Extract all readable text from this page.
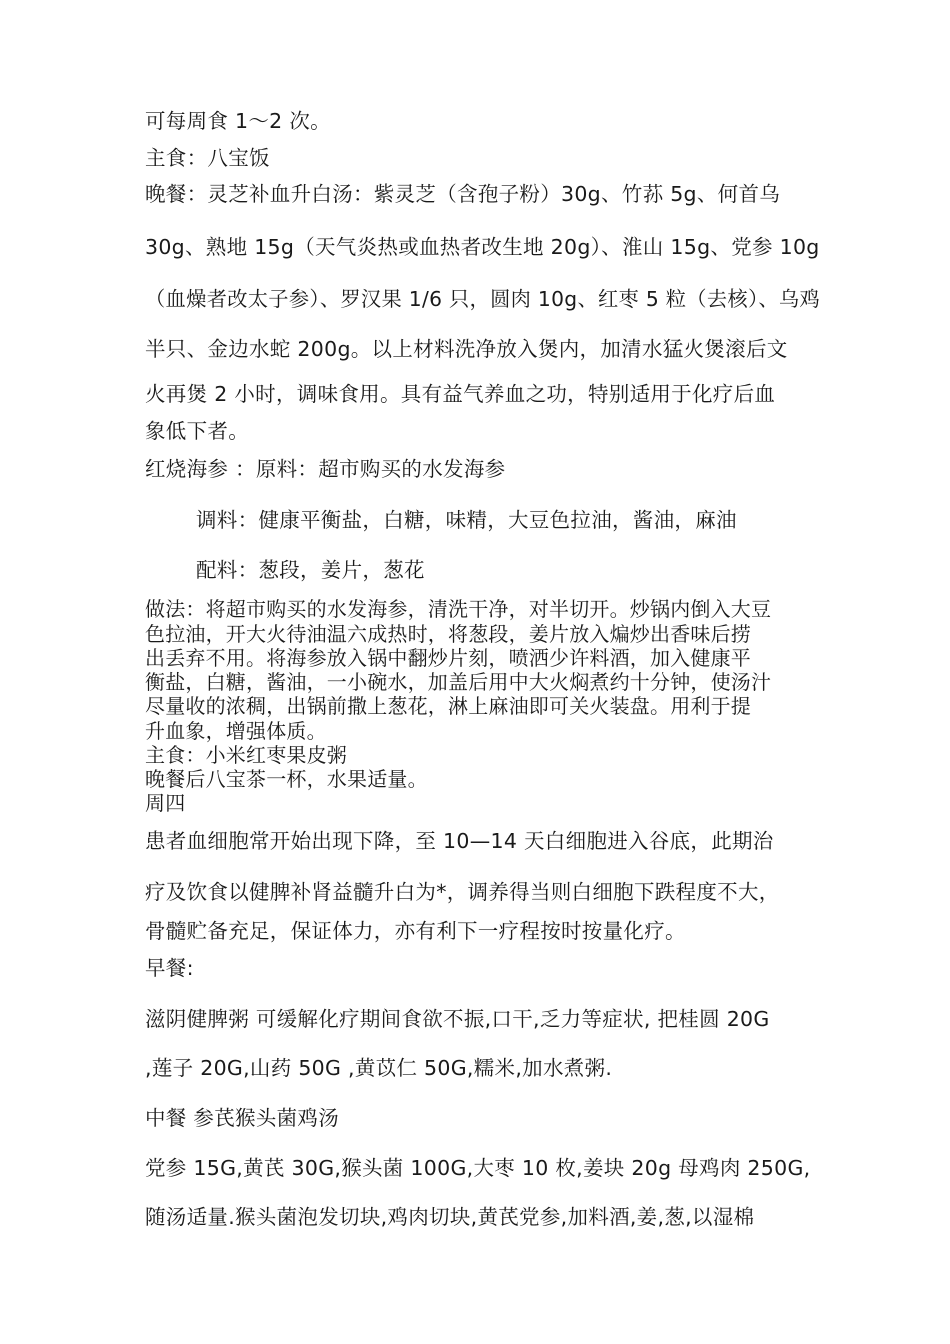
可每周食 1～2 次。
主食：八宝饭
晚餐：灵芝补血升白汤：紫灵芝（含孢子粉）30g、竹荪 5g、何首乌
30g、熟地 15g（天气炎热或血热者改生地 20g）、淮山 15g、党参 10g
（血燥者改太子参）、罗汉果 1/6 只，圆肉 10g、红枣 5 粒（去核）、乌鸡
半只、金边水蛇 200g。以上材料洗净放入煲内，加清水猛火煲滚后文
火再煲 2 小时，调味食用。具有益气养血之功，特别适用于化疗后血
象低下者。
红烧海参 ：原料：超市购买的水发海参
调料：健康平衡盐，白糖，味精，大豆色拉油，酱油，麻油
配料：葱段，姜片，葱花
做法：将超市购买的水发海参，清洗干净，对半切开。炒锅内倒入大豆
色拉油，开大火待油温六成热时，将葱段，姜片放入煸炒出香味后捞
出丢弃不用。将海参放入锅中翻炒片刻，喷洒少许料酒，加入健康平
衡盐，白糖，酱油，一小碗水，加盖后用中大火焖煮约十分钟，使汤汁
尽量收的浓稠，出锅前撒上葱花，淋上麻油即可关火装盘。用利于提
升血象，增强体质。
主食：小米红枣果皮粥
晚餐后八宝茶一杯，水果适量。
周四
患者血细胞常开始出现下降，至 10—14 天白细胞进入谷底，此期治
疗及饮食以健脾补肾益髓升白为*，调养得当则白细胞下跌程度不大，
骨髓贮备充足，保证体力，亦有利下一疗程按时按量化疗。
早餐:
滋阴健脾粥 可缓解化疗期间食欲不振,口干,乏力等症状, 把桂圆 20G
,莲子 20G,山药 50G ,黄苡仁 50G,糯米,加水煮粥.
中餐 参芪猴头菌鸡汤
党参 15G,黄芪 30G,猴头菌 100G,大枣 10 枚,姜块 20g 母鸡肉 250G,
随汤适量.猴头菌泡发切块,鸡肉切块,黄芪党参,加料酒,姜,葱,以湿棉
